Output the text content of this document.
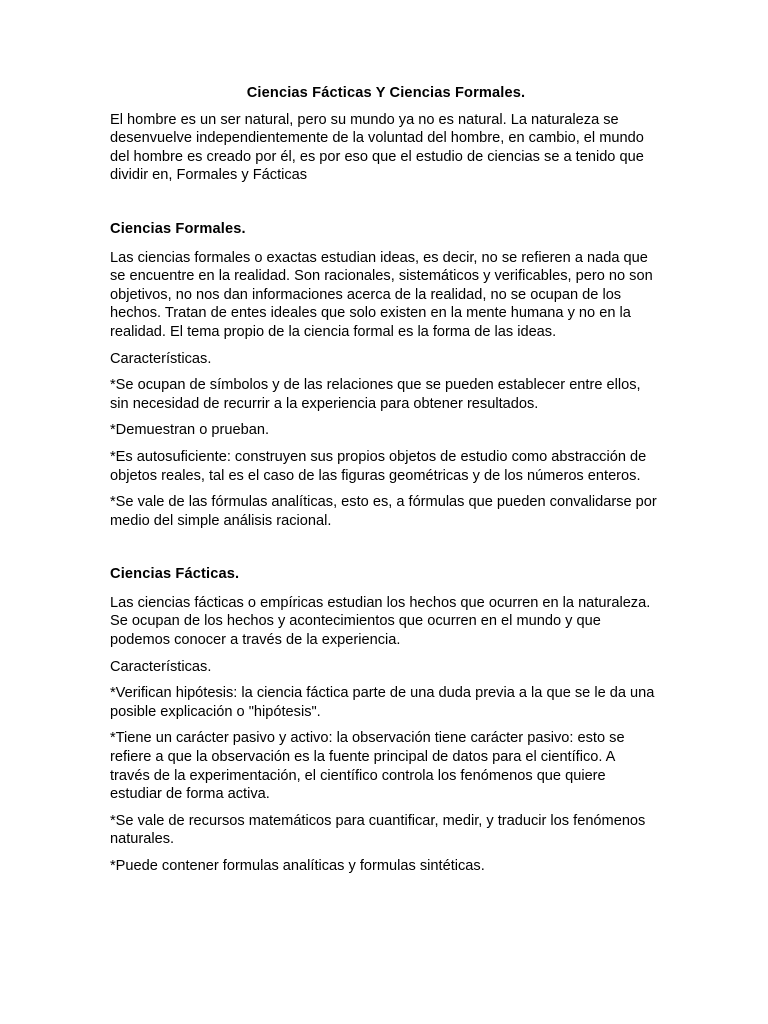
Ciencias Fácticas Y Ciencias Formales.

El hombre es un ser natural, pero su mundo ya no es natural. La naturaleza se desenvuelve independientemente de la voluntad del hombre, en cambio, el mundo del hombre es creado por él, es por eso que el estudio de ciencias se a tenido que dividir en, Formales y Fácticas

Ciencias Formales.

Las ciencias formales o exactas estudian ideas, es decir, no se refieren a nada que se encuentre en la realidad. Son racionales, sistemáticos y verificables, pero no son objetivos, no nos dan informaciones acerca de la realidad, no se ocupan de los hechos. Tratan de entes ideales que solo existen en la mente humana y no en la realidad. El tema propio de la ciencia formal es la forma de las ideas.

Características.

*Se ocupan de símbolos y de las relaciones que se pueden establecer entre ellos, sin necesidad de recurrir a la experiencia para obtener resultados.

*Demuestran o prueban.

*Es autosuficiente: construyen sus propios objetos de estudio como abstracción de objetos reales, tal es el caso de las figuras geométricas y de los números enteros.

*Se vale de las fórmulas analíticas, esto es, a fórmulas que pueden convalidarse por medio del simple análisis racional.

Ciencias Fácticas.

Las ciencias fácticas o empíricas estudian los hechos que ocurren en la naturaleza. Se ocupan de los hechos y acontecimientos que ocurren en el mundo y que podemos conocer a través de la experiencia.

Características.

*Verifican hipótesis: la ciencia fáctica parte de una duda previa a la que se le da una posible explicación o "hipótesis".

*Tiene un carácter pasivo y activo: la observación tiene carácter pasivo: esto se refiere a que la observación es la fuente principal de datos para el científico. A través de la experimentación, el científico controla los fenómenos que quiere estudiar de forma activa.

*Se vale de recursos matemáticos para cuantificar, medir, y traducir los fenómenos naturales.

*Puede contener formulas analíticas y formulas sintéticas.
